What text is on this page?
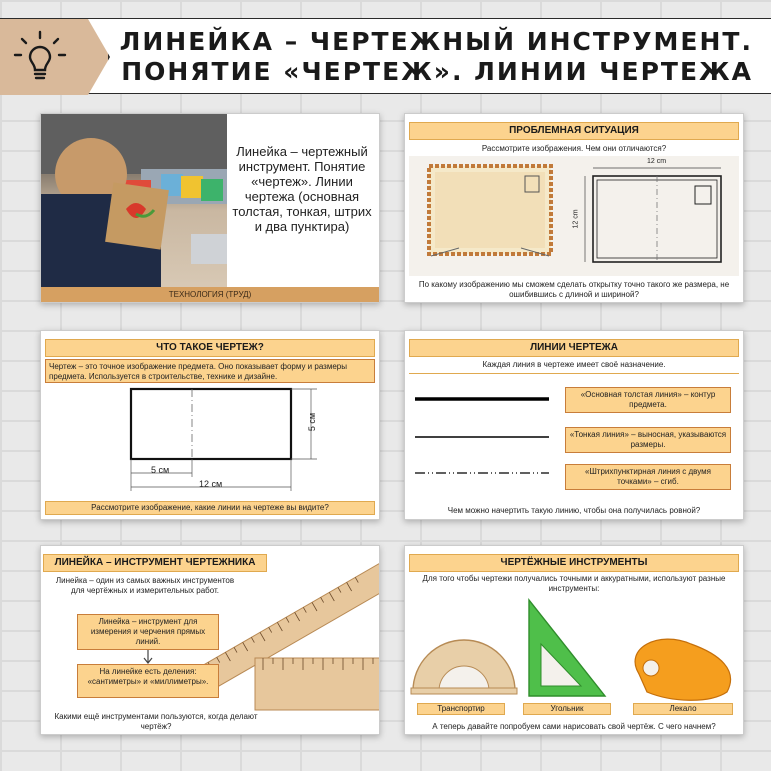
ЛИНЕЙКА – ЧЕРТЕЖНЫЙ ИНСТРУМЕНТ.
ПОНЯТИЕ «ЧЕРТЕЖ». ЛИНИИ ЧЕРТЕЖА
Линейка – чертежный инструмент. Понятие «чертеж». Линии чертежа (основная толстая, тонкая, штрих и два пунктира)
ТЕХНОЛОГИЯ (ТРУД)
ПРОБЛЕМНАЯ СИТУАЦИЯ
Рассмотрите изображения. Чем они отличаются?
12 cm
12 cm
По какому изображению мы сможем сделать открытку точно такого же размера, не ошибившись с длиной и шириной?
ЧТО ТАКОЕ ЧЕРТЕЖ?
Чертеж – это точное изображение предмета. Оно показывает форму и размеры предмета. Используется в строительстве, технике и дизайне.
5 см
5 см
12 см
Рассмотрите изображение, какие линии на чертеже вы видите?
ЛИНИИ ЧЕРТЕЖА
Каждая линия в чертеже имеет своё назначение.
«Основная толстая линия» – контур предмета.
«Тонкая линия» – выносная, указываются размеры.
«Штрихпунктирная линия с двумя точками» – сгиб.
Чем можно начертить такую линию, чтобы она получилась ровной?
ЛИНЕЙКА – ИНСТРУМЕНТ ЧЕРТЕЖНИКА
Линейка – один из самых важных инструментов для чертёжных и измерительных работ.
Линейка – инструмент для измерения и черчения прямых линий.
На линейке есть деления: «сантиметры» и «миллиметры».
Какими ещё инструментами пользуются, когда делают чертёж?
ЧЕРТЁЖНЫЕ ИНСТРУМЕНТЫ
Для того чтобы чертежи получались точными и аккуратными, используют разные инструменты:
Транспортир	Угольник	Лекало
А теперь давайте попробуем сами нарисовать свой чертёж. С чего начнем?
